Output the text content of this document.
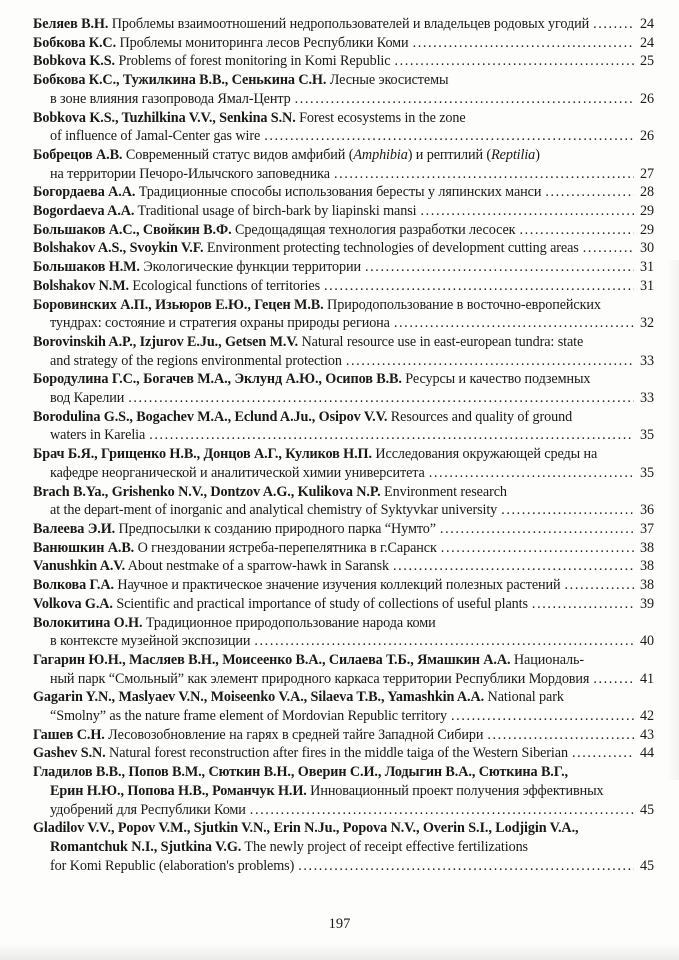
Беляев В.Н. Проблемы взаимоотношений недропользователей и владельцев родовых угодий .....	24
Бобкова К.С. Проблемы мониторинга лесов Республики Коми .....	24
Bobkova K.S. Problems of forest monitoring in Komi Republic .....	25
Бобкова К.С., Тужилкина В.В., Сенькина С.Н. Лесные экосистемы
в зоне влияния газопровода Ямал-Центр .....	26
Bobkova K.S., Tuzhilkina V.V., Senkina S.N. Forest ecosystems in the zone
of influence of Jamal-Center gas wire .....	26
Бобрецов А.В. Современный статус видов амфибий (Amphibia) и рептилий (Reptilia)
на территории Печоро-Илычского заповедника .....	27
Богордаева А.А. Традиционные способы использования бересты у ляпинских манси .....	28
Bogordaeva A.A. Traditional usage of birch-bark by liapinski mansi .....	29
Большаков А.С., Свойкин В.Ф. Средощадящая технология разработки лесосек .....	29
Bolshakov A.S., Svoykin V.F. Environment protecting technologies of development cutting areas .....	30
Большаков Н.М. Экологические функции территории .....	31
Bolshakov N.M. Ecological functions of territories .....	31
Боровинских А.П., Изьюров Е.Ю., Гецен М.В. Природопользование в восточно-европейских
тундрах: состояние и стратегия охраны природы региона .....	32
Borovinskih A.P., Izjurov E.Ju., Getsen M.V. Natural resource use in east-european tundra: state
and strategy of the regions environmental protection .....	33
Бородулина Г.С., Богачев М.А., Эклунд А.Ю., Осипов В.В. Ресурсы и качество подземных
вод Карелии .....	33
Borodulina G.S., Bogachev M.A., Eclund A.Ju., Osipov V.V. Resources and quality of ground
waters in Karelia .....	35
Брач Б.Я., Грищенко Н.В., Донцов А.Г., Куликов Н.П. Исследования окружающей среды на
кафедре неорганической и аналитической химии университета .....	35
Brach B.Ya., Grishenko N.V., Dontzov A.G., Kulikova N.P. Environment research
at the depart-ment of inorganic and analytical chemistry of Syktyvkar university .....	36
Валеева Э.И. Предпосылки к созданию природного парка “Нумто” .....	37
Ванюшкин А.В. О гнездовании ястреба-перепелятника в г.Саранск .....	38
Vanushkin A.V. About nestmake of a sparrow-hawk in Saransk .....	38
Волкова Г.А. Научное и практическое значение изучения коллекций полезных растений .....	38
Volkova G.A. Scientific and practical importance of study of collections of useful plants .....	39
Волокитина О.Н. Традиционное природопользование народа коми
в контексте музейной экспозиции .....	40
Гагарин Ю.Н., Масляев В.Н., Моисеенко В.А., Силаева Т.Б., Ямашкин А.А. Националь-
ный парк “Смольный” как элемент природного каркаса территории Республики Мордовия .....	41
Gagarin Y.N., Maslyaev V.N., Moiseenko V.A., Silaeva T.B., Yamashkin A.A. National park
“Smolny” as the nature frame element of Mordovian Republic territory .....	42
Гашев С.Н. Лесовозобновление на гарях в средней тайге Западной Сибири .....	43
Gashev S.N. Natural forest reconstruction after fires in the middle taiga of the Western Siberian .....	44
Гладилов В.В., Попов В.М., Сюткин В.Н., Оверин С.И., Лодыгин В.А., Сюткина В.Г.,
Ерин Н.Ю., Попова Н.В., Романчук Н.И. Инновационный проект получения эффективных
удобрений для Республики Коми .....	45
Gladilov V.V., Popov V.M., Sjutkin V.N., Erin N.Ju., Popova N.V., Overin S.I., Lodjigin V.A.,
Romantchuk N.I., Sjutkina V.G. The newly project of receipt effective fertilizations
for Komi Republic (elaboration's problems) .....	45
197
